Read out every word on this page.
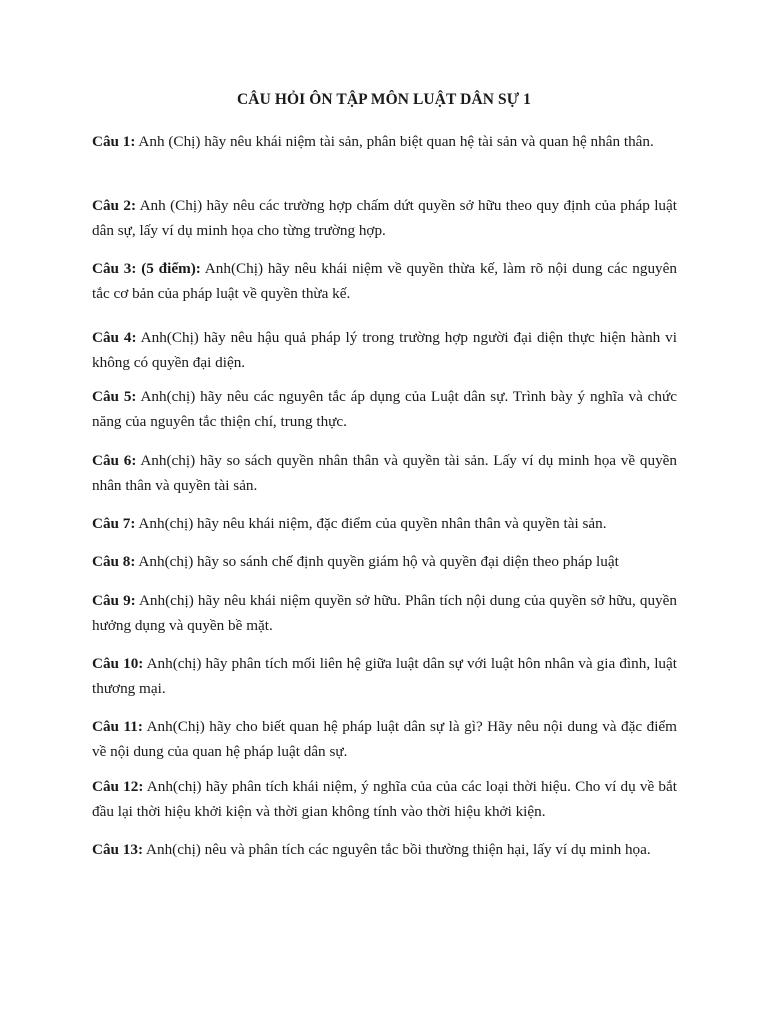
CÂU HỎI ÔN TẬP MÔN LUẬT DÂN SỰ 1

Câu 1: Anh (Chị) hãy nêu khái niệm tài sản, phân biệt quan hệ tài sản và quan hệ nhân thân.

Câu 2: Anh (Chị) hãy nêu các trường hợp chấm dứt quyền sở hữu theo quy định của pháp luật dân sự, lấy ví dụ minh họa cho từng trường hợp.

Câu 3: (5 điểm): Anh(Chị) hãy nêu khái niệm về quyền thừa kế, làm rõ nội dung các nguyên tắc cơ bản của pháp luật về quyền thừa kế.

Câu 4: Anh(Chị) hãy nêu hậu quả pháp lý trong trường hợp người đại diện thực hiện hành vi không có quyền đại diện.

Câu 5: Anh(chị) hãy nêu các nguyên tắc áp dụng của Luật dân sự. Trình bày ý nghĩa và chức năng của nguyên tắc thiện chí, trung thực.

Câu 6: Anh(chị) hãy so sách quyền nhân thân và quyền tài sản. Lấy ví dụ minh họa về quyền nhân thân và quyền tài sản.

Câu 7: Anh(chị) hãy nêu khái niệm, đặc điểm của quyền nhân thân và quyền tài sản.

Câu 8: Anh(chị) hãy so sánh chế định quyền giám hộ và quyền đại diện theo pháp luật

Câu 9: Anh(chị) hãy nêu khái niệm quyền sở hữu. Phân tích nội dung của quyền sở hữu, quyền hưởng dụng và quyền bề mặt.

Câu 10: Anh(chị) hãy phân tích mối liên hệ giữa luật dân sự với luật hôn nhân và gia đình, luật thương mại.

Câu 11: Anh(Chị) hãy cho biết quan hệ pháp luật dân sự là gì? Hãy nêu nội dung và đặc điểm về nội dung của quan hệ pháp luật dân sự.

Câu 12: Anh(chị) hãy phân tích khái niệm, ý nghĩa của của các loại thời hiệu. Cho ví dụ về bắt đầu lại thời hiệu khởi kiện và thời gian không tính vào thời hiệu khởi kiện.

Câu 13: Anh(chị) nêu và phân tích các nguyên tắc bồi thường thiện hại, lấy ví dụ minh họa.
